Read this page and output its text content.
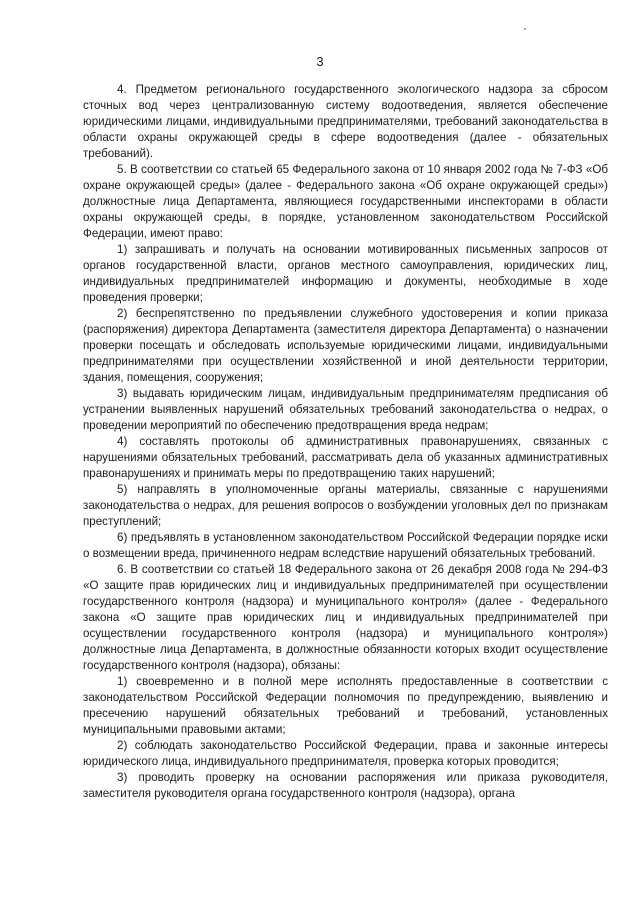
3

4. Предметом регионального государственного экологического надзора за сбросом сточных вод через централизованную систему водоотведения, является обеспечение юридическими лицами, индивидуальными предпринимателями, требований законодательства в области охраны окружающей среды в сфере водоотведения (далее - обязательных требований).

5. В соответствии со статьей 65 Федерального закона от 10 января 2002 года № 7-ФЗ «Об охране окружающей среды» (далее - Федерального закона «Об охране окружающей среды») должностные лица Департамента, являющиеся государственными инспекторами в области охраны окружающей среды, в порядке, установленном законодательством Российской Федерации, имеют право:

1) запрашивать и получать на основании мотивированных письменных запросов от органов государственной власти, органов местного самоуправления, юридических лиц, индивидуальных предпринимателей информацию и документы, необходимые в ходе проведения проверки;

2) беспрепятственно по предъявлении служебного удостоверения и копии приказа (распоряжения) директора Департамента (заместителя директора Департамента) о назначении проверки посещать и обследовать используемые юридическими лицами, индивидуальными предпринимателями при осуществлении хозяйственной и иной деятельности территории, здания, помещения, сооружения;

3) выдавать юридическим лицам, индивидуальным предпринимателям предписания об устранении выявленных нарушений обязательных требований законодательства о недрах, о проведении мероприятий по обеспечению предотвращения вреда недрам;

4) составлять протоколы об административных правонарушениях, связанных с нарушениями обязательных требований, рассматривать дела об указанных административных правонарушениях и принимать меры по предотвращению таких нарушений;

5) направлять в уполномоченные органы материалы, связанные с нарушениями законодательства о недрах, для решения вопросов о возбуждении уголовных дел по признакам преступлений;

6) предъявлять в установленном законодательством Российской Федерации порядке иски о возмещении вреда, причиненного недрам вследствие нарушений обязательных требований.

6. В соответствии со статьей 18 Федерального закона от 26 декабря 2008 года № 294-ФЗ «О защите прав юридических лиц и индивидуальных предпринимателей при осуществлении государственного контроля (надзора) и муниципального контроля» (далее - Федерального закона «О защите прав юридических лиц и индивидуальных предпринимателей при осуществлении государственного контроля (надзора) и муниципального контроля») должностные лица Департамента, в должностные обязанности которых входит осуществление государственного контроля (надзора), обязаны:

1) своевременно и в полной мере исполнять предоставленные в соответствии с законодательством Российской Федерации полномочия по предупреждению, выявлению и пресечению нарушений обязательных требований и требований, установленных муниципальными правовыми актами;

2) соблюдать законодательство Российской Федерации, права и законные интересы юридического лица, индивидуального предпринимателя, проверка которых проводится;

3) проводить проверку на основании распоряжения или приказа руководителя, заместителя руководителя органа государственного контроля (надзора), органа
